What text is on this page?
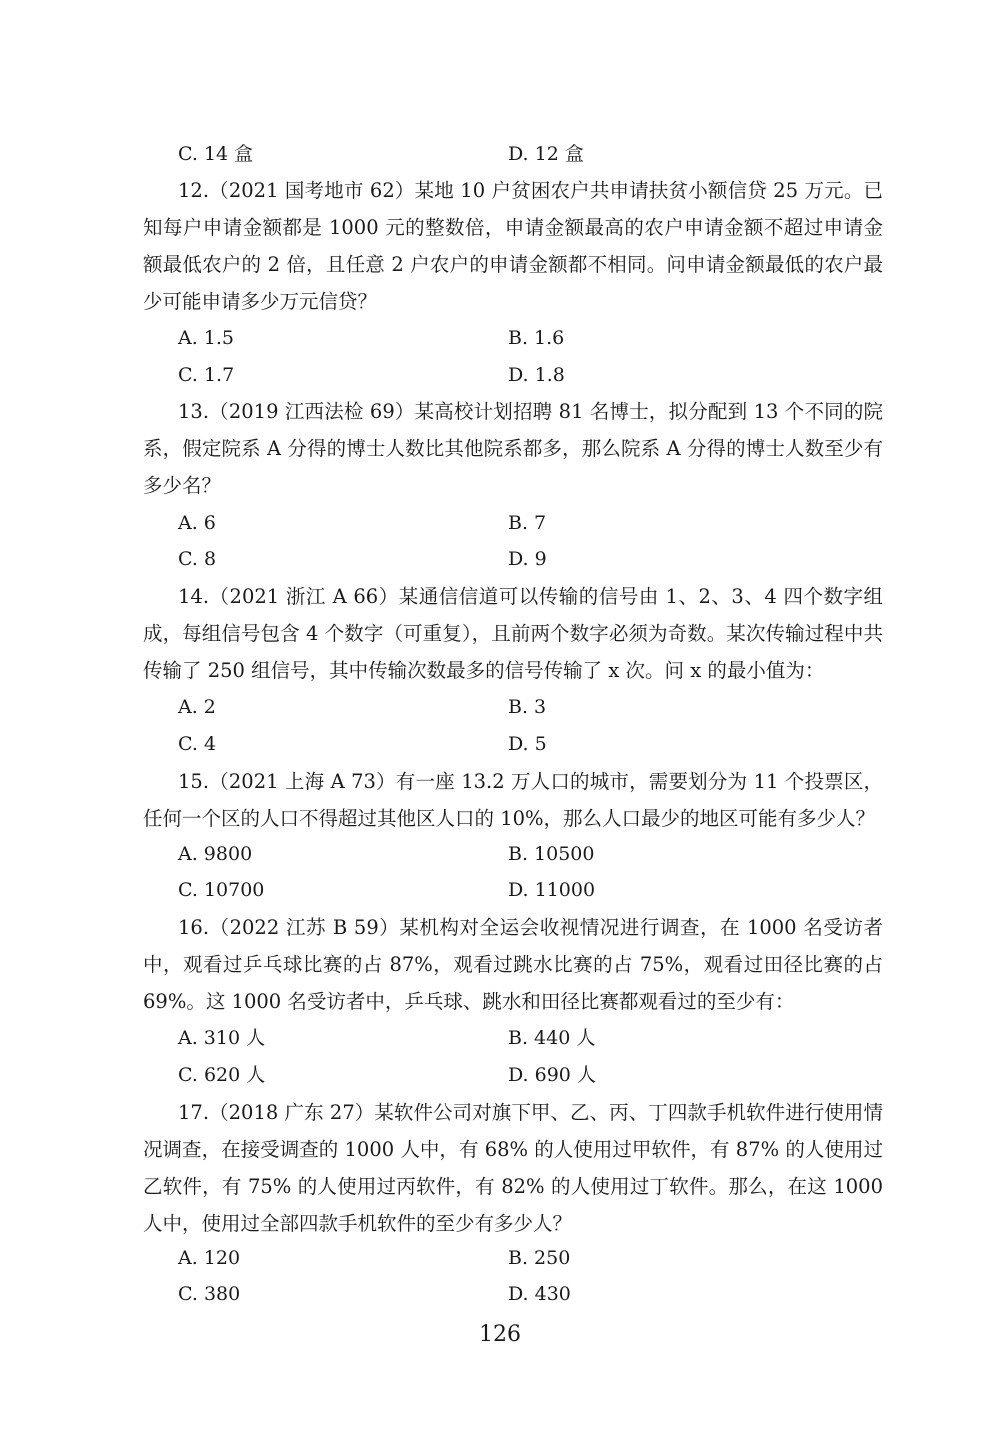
C. 14 盒	D. 12 盒

12.（2021 国考地市 62）某地 10 户贫困农户共申请扶贫小额信贷 25 万元。已知每户申请金额都是 1000 元的整数倍，申请金额最高的农户申请金额不超过申请金额最低农户的 2 倍，且任意 2 户农户的申请金额都不相同。问申请金额最低的农户最少可能申请多少万元信贷？

A. 1.5	B. 1.6
C. 1.7	D. 1.8

13.（2019 江西法检 69）某高校计划招聘 81 名博士，拟分配到 13 个不同的院系，假定院系 A 分得的博士人数比其他院系都多，那么院系 A 分得的博士人数至少有多少名？

A. 6	B. 7
C. 8	D. 9

14.（2021 浙江 A 66）某通信信道可以传输的信号由 1、2、3、4 四个数字组成，每组信号包含 4 个数字（可重复），且前两个数字必须为奇数。某次传输过程中共传输了 250 组信号，其中传输次数最多的信号传输了 x 次。问 x 的最小值为：

A. 2	B. 3
C. 4	D. 5

15.（2021 上海 A 73）有一座 13.2 万人口的城市，需要划分为 11 个投票区，任何一个区的人口不得超过其他区人口的 10%，那么人口最少的地区可能有多少人？

A. 9800	B. 10500
C. 10700	D. 11000

16.（2022 江苏 B 59）某机构对全运会收视情况进行调查，在 1000 名受访者中，观看过乒乓球比赛的占 87%，观看过跳水比赛的占 75%，观看过田径比赛的占 69%。这 1000 名受访者中，乒乓球、跳水和田径比赛都观看过的至少有：

A. 310 人	B. 440 人
C. 620 人	D. 690 人

17.（2018 广东 27）某软件公司对旗下甲、乙、丙、丁四款手机软件进行使用情况调查，在接受调查的 1000 人中，有 68% 的人使用过甲软件，有 87% 的人使用过乙软件，有 75% 的人使用过丙软件，有 82% 的人使用过丁软件。那么，在这 1000 人中，使用过全部四款手机软件的至少有多少人？

A. 120	B. 250
C. 380	D. 430
126
